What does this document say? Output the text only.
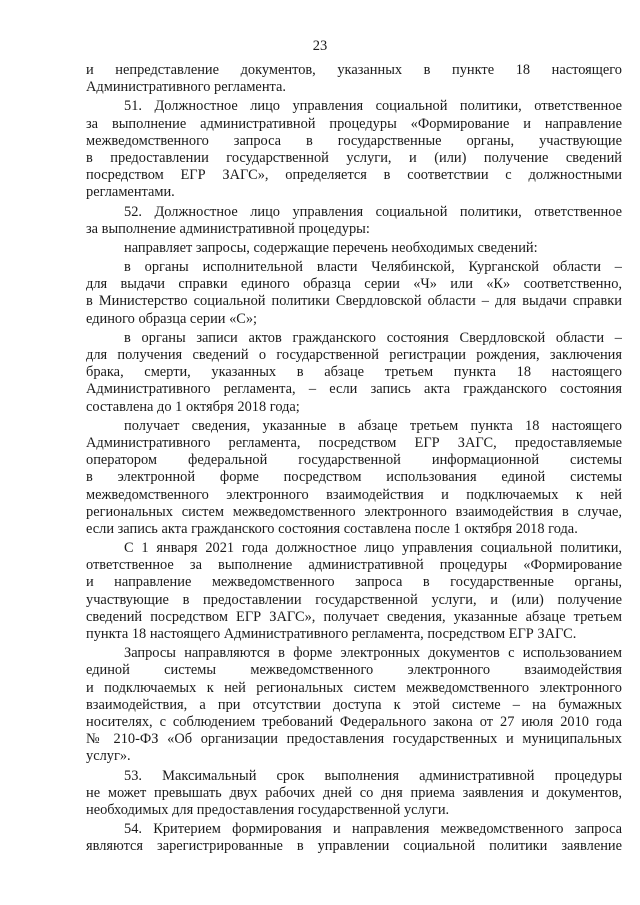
23
и непредставление документов, указанных в пункте 18 настоящего
Административного регламента.
51. Должностное лицо управления социальной политики, ответственное
за выполнение административной процедуры «Формирование и направление
межведомственного запроса в государственные органы, участвующие
в предоставлении государственной услуги, и (или) получение сведений
посредством ЕГР ЗАГС», определяется в соответствии с должностными
регламентами.
52. Должностное лицо управления социальной политики, ответственное
за выполнение административной процедуры:
направляет запросы, содержащие перечень необходимых сведений:
в органы исполнительной власти Челябинской, Курганской области –
для выдачи справки единого образца серии «Ч» или «К» соответственно,
в Министерство социальной политики Свердловской области – для выдачи справки
единого образца серии «С»;
в органы записи актов гражданского состояния Свердловской области –
для получения сведений о государственной регистрации рождения, заключения
брака, смерти, указанных в абзаце третьем пункта 18 настоящего
Административного регламента, – если запись акта гражданского состояния
составлена до 1 октября 2018 года;
получает сведения, указанные в абзаце третьем пункта 18 настоящего
Административного регламента, посредством ЕГР ЗАГС, предоставляемые
оператором федеральной государственной информационной системы
в электронной форме посредством использования единой системы
межведомственного электронного взаимодействия и подключаемых к ней
региональных систем межведомственного электронного взаимодействия в случае,
если запись акта гражданского состояния составлена после 1 октября 2018 года.
С 1 января 2021 года должностное лицо управления социальной политики,
ответственное за выполнение административной процедуры «Формирование
и направление межведомственного запроса в государственные органы,
участвующие в предоставлении государственной услуги, и (или) получение
сведений посредством ЕГР ЗАГС», получает сведения, указанные абзаце третьем
пункта 18 настоящего Административного регламента, посредством ЕГР ЗАГС.
Запросы направляются в форме электронных документов с использованием
единой системы межведомственного электронного взаимодействия
и подключаемых к ней региональных систем межведомственного электронного
взаимодействия, а при отсутствии доступа к этой системе – на бумажных
носителях, с соблюдением требований Федерального закона от 27 июля 2010 года
№ 210-ФЗ «Об организации предоставления государственных и муниципальных
услуг».
53. Максимальный срок выполнения административной процедуры
не может превышать двух рабочих дней со дня приема заявления и документов,
необходимых для предоставления государственной услуги.
54. Критерием формирования и направления межведомственного запроса
являются зарегистрированные в управлении социальной политики заявление
